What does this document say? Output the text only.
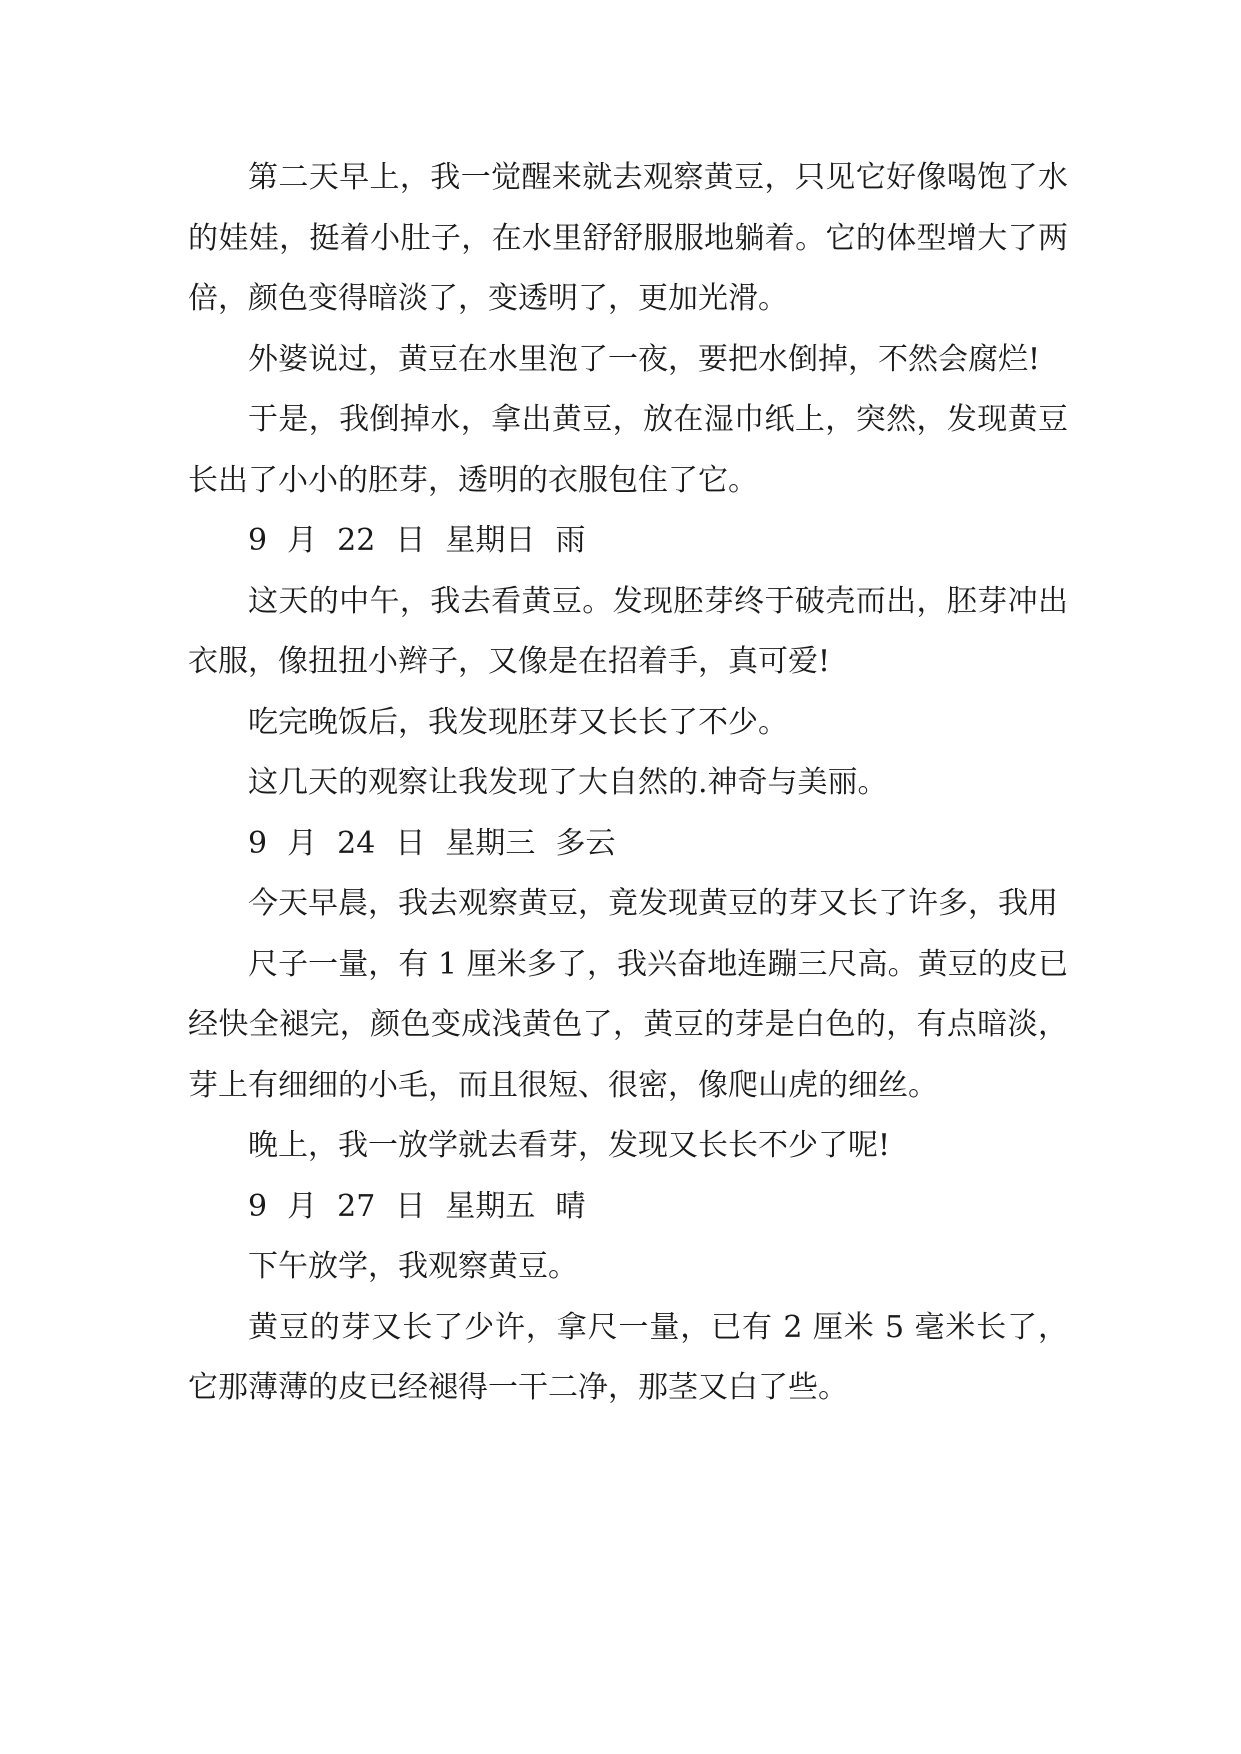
第二天早上，我一觉醒来就去观察黄豆，只见它好像喝饱了水的娃娃，挺着小肚子，在水里舒舒服服地躺着。它的体型增大了两倍，颜色变得暗淡了，变透明了，更加光滑。

外婆说过，黄豆在水里泡了一夜，要把水倒掉，不然会腐烂!

于是，我倒掉水，拿出黄豆，放在湿巾纸上，突然，发现黄豆长出了小小的胚芽，透明的衣服包住了它。

9 月 22 日 星期日 雨

这天的中午，我去看黄豆。发现胚芽终于破壳而出，胚芽冲出衣服，像扭扭小辫子，又像是在招着手，真可爱!

吃完晚饭后，我发现胚芽又长长了不少。

这几天的观察让我发现了大自然的.神奇与美丽。

9 月 24 日 星期三 多云

今天早晨，我去观察黄豆，竟发现黄豆的芽又长了许多，我用

尺子一量，有 1 厘米多了，我兴奋地连蹦三尺高。黄豆的皮已经快全褪完，颜色变成浅黄色了，黄豆的芽是白色的，有点暗淡，芽上有细细的小毛，而且很短、很密，像爬山虎的细丝。

晚上，我一放学就去看芽，发现又长长不少了呢!

9 月 27 日 星期五 晴

下午放学，我观察黄豆。

黄豆的芽又长了少许，拿尺一量，已有 2 厘米 5 毫米长了，它那薄薄的皮已经褪得一干二净，那茎又白了些。
